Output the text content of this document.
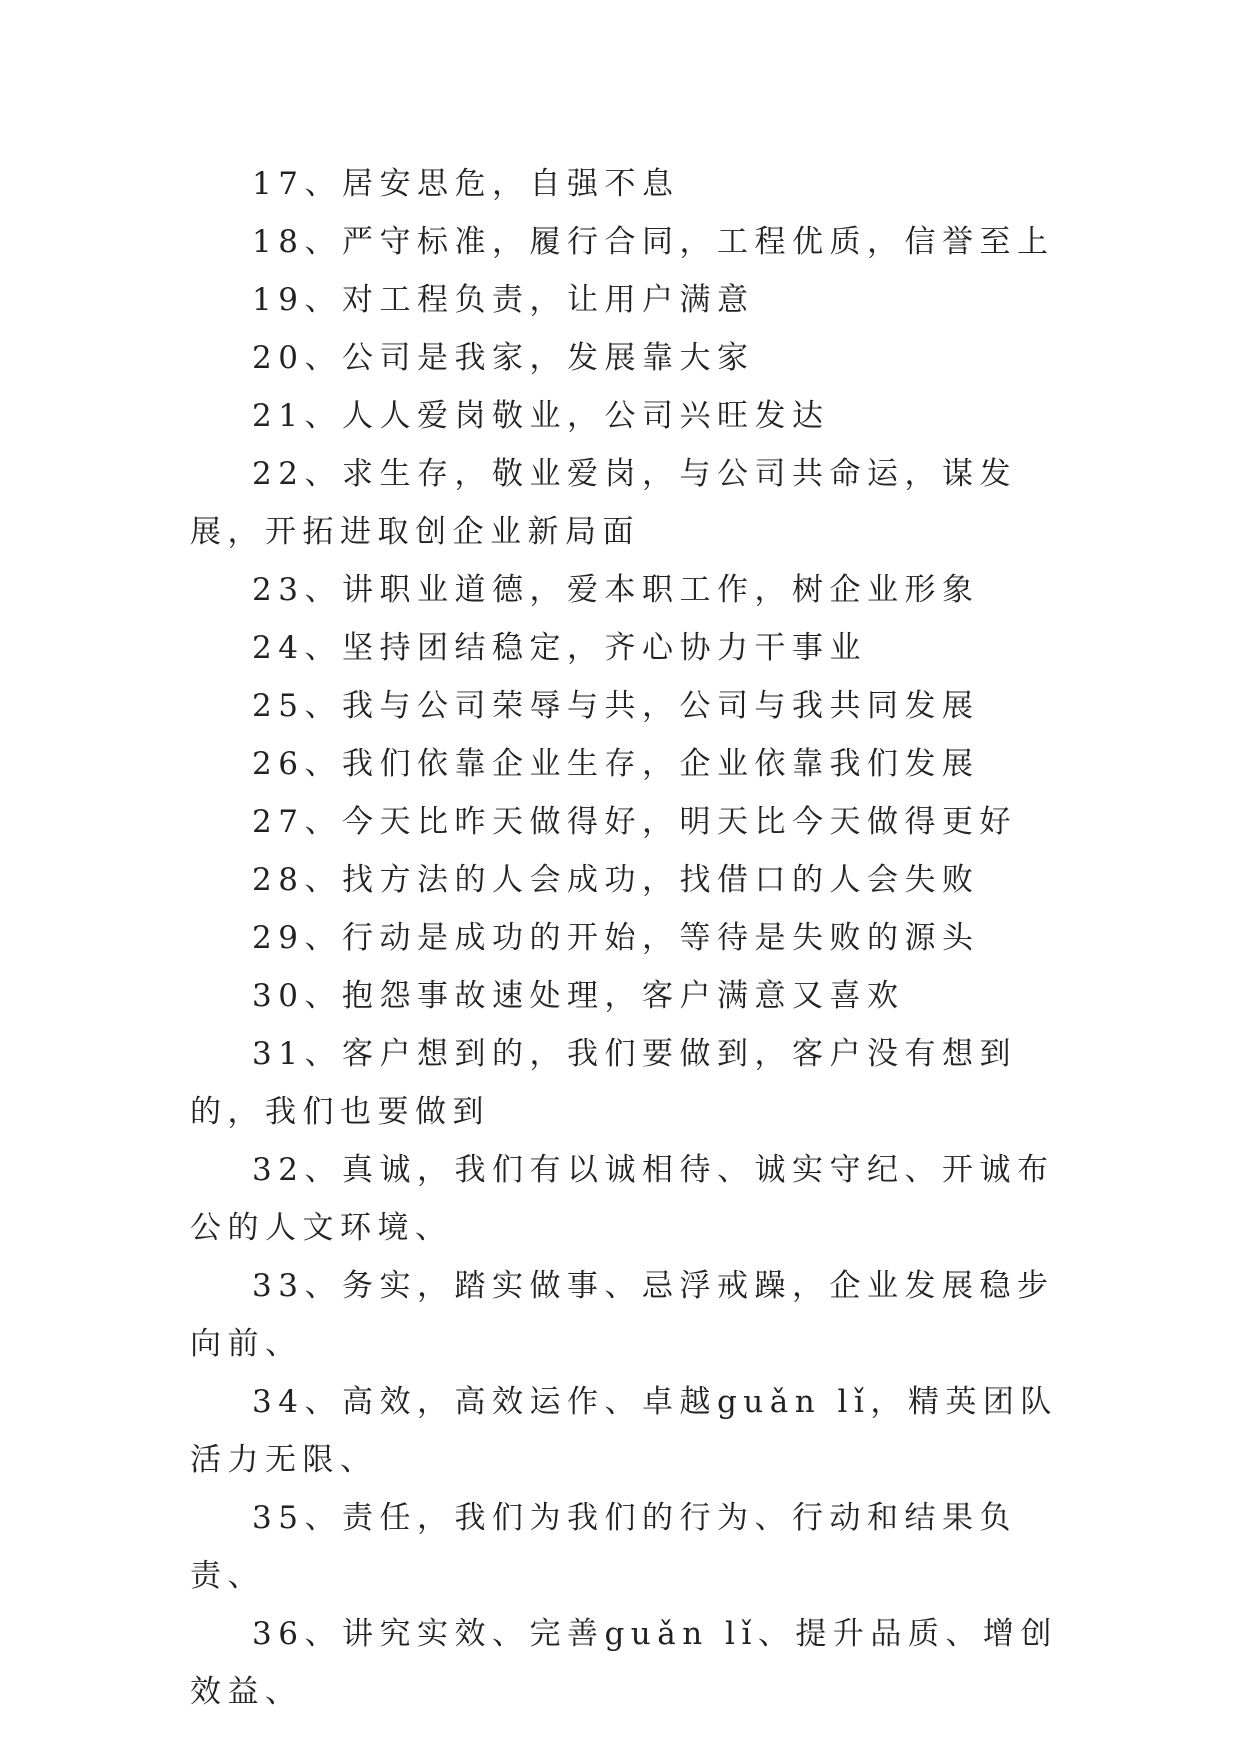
17、居安思危，自强不息

18、严守标准，履行合同，工程优质，信誉至上

19、对工程负责，让用户满意

20、公司是我家，发展靠大家

21、人人爱岗敬业，公司兴旺发达

22、求生存，敬业爱岗，与公司共命运，谋发展，开拓进取创企业新局面

23、讲职业道德，爱本职工作，树企业形象

24、坚持团结稳定，齐心协力干事业

25、我与公司荣辱与共，公司与我共同发展

26、我们依靠企业生存，企业依靠我们发展

27、今天比昨天做得好，明天比今天做得更好

28、找方法的人会成功，找借口的人会失败

29、行动是成功的开始，等待是失败的源头

30、抱怨事故速处理，客户满意又喜欢

31、客户想到的，我们要做到，客户没有想到的，我们也要做到

32、真诚，我们有以诚相待、诚实守纪、开诚布公的人文环境、

33、务实，踏实做事、忌浮戒躁，企业发展稳步向前、

34、高效，高效运作、卓越guǎn lǐ，精英团队活力无限、

35、责任，我们为我们的行为、行动和结果负责、

36、讲究实效、完善guǎn lǐ、提升品质、增创效益、
